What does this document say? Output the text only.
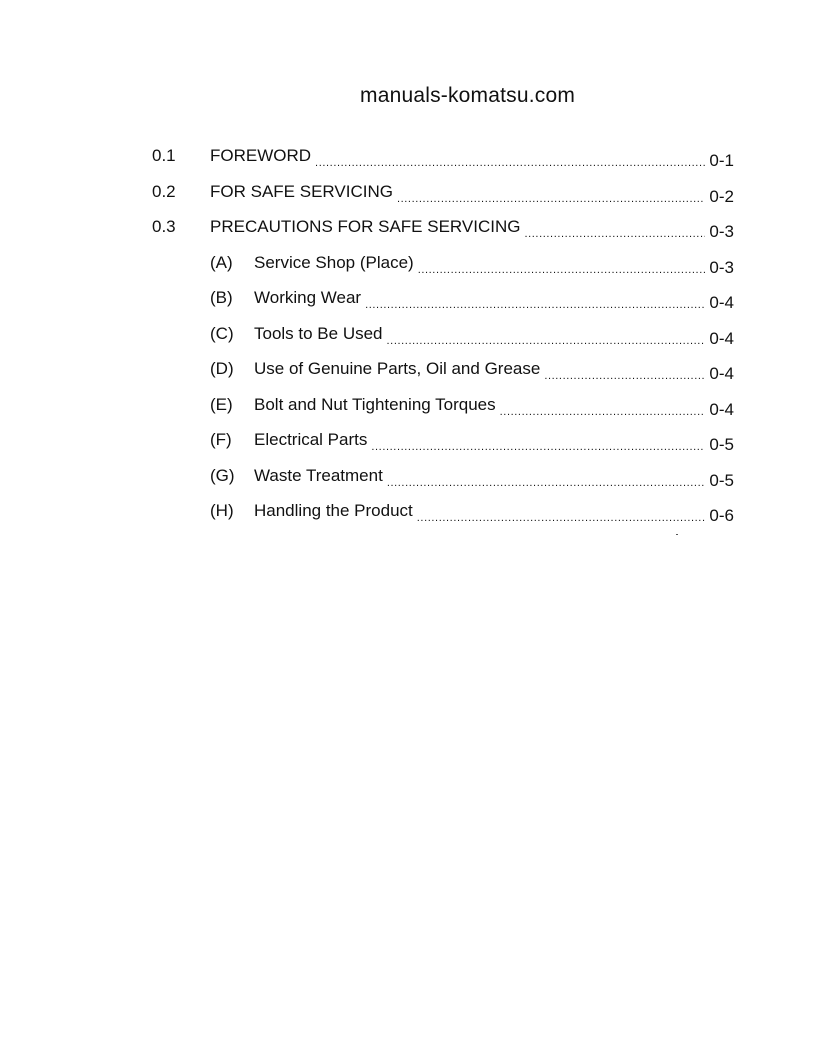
manuals-komatsu.com
0.1	FOREWORD .....	0-1
0.2	FOR SAFE SERVICING .....	0-2
0.3	PRECAUTIONS FOR SAFE SERVICING .....	0-3
(A)	Service Shop (Place) .....	0-3
(B)	Working Wear .....	0-4
(C)	Tools to Be Used .....	0-4
(D)	Use of Genuine Parts, Oil and Grease .....	0-4
(E)	Bolt and Nut Tightening Torques .....	0-4
(F)	Electrical Parts .....	0-5
(G)	Waste Treatment .....	0-5
(H)	Handling the Product .....	0-6
